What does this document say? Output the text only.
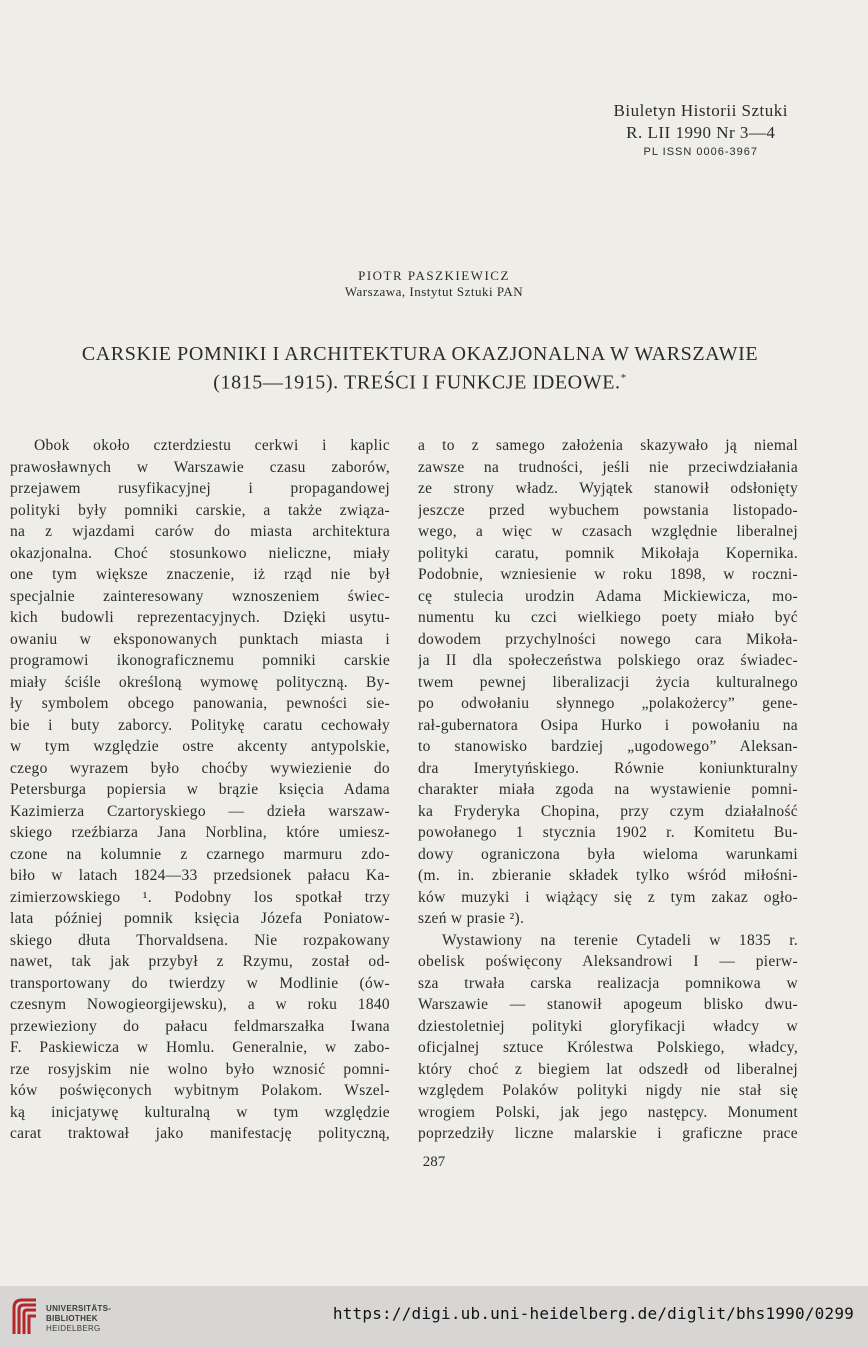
Biuletyn Historii Sztuki
R. LII 1990 Nr 3—4
PL ISSN 0006-3967
PIOTR PASZKIEWICZ
Warszawa, Instytut Sztuki PAN
CARSKIE POMNIKI I ARCHITEKTURA OKAZJONALNA W WARSZAWIE
(1815—1915). TREŚCI I FUNKCJE IDEOWE.*
Obok około czterdziestu cerkwi i kaplic
prawosławnych w Warszawie czasu zaborów,
przejawem rusyfikacyjnej i propagandowej
polityki były pomniki carskie, a także związa-
na z wjazdami carów do miasta architektura
okazjonalna. Choć stosunkowo nieliczne, miały
one tym większe znaczenie, iż rząd nie był
specjalnie zainteresowany wznoszeniem świec-
kich budowli reprezentacyjnych. Dzięki usytu-
owaniu w eksponowanych punktach miasta i
programowi ikonograficznemu pomniki carskie
miały ściśle określoną wymowę polityczną. By-
ły symbolem obcego panowania, pewności sie-
bie i buty zaborcy. Politykę caratu cechowały
w tym względzie ostre akcenty antypolskie,
czego wyrazem było choćby wywiezienie do
Petersburga popiersia w brązie księcia Adama
Kazimierza Czartoryskiego — dzieła warszaw-
skiego rzeźbiarza Jana Norblina, które umiesz-
czone na kolumnie z czarnego marmuru zdo-
biło w latach 1824—33 przedsionek pałacu Ka-
zimierzowskiego ¹. Podobny los spotkał trzy
lata później pomnik księcia Józefa Poniatow-
skiego dłuta Thorvaldsena. Nie rozpakowany
nawet, tak jak przybył z Rzymu, został od-
transportowany do twierdzy w Modlinie (ów-
czesnym Nowogieorgijewsku), a w roku 1840
przewieziony do pałacu feldmarszałka Iwana
F. Paskiewicza w Homlu. Generalnie, w zabo-
rze rosyjskim nie wolno było wznosić pomni-
ków poświęconych wybitnym Polakom. Wszel-
ką inicjatywę kulturalną w tym względzie
carat traktował jako manifestację polityczną,
a to z samego założenia skazywało ją niemal
zawsze na trudności, jeśli nie przeciwdziałania
ze strony władz. Wyjątek stanowił odsłonięty
jeszcze przed wybuchem powstania listopado-
wego, a więc w czasach względnie liberalnej
polityki caratu, pomnik Mikołaja Kopernika.
Podobnie, wzniesienie w roku 1898, w roczni-
cę stulecia urodzin Adama Mickiewicza, mo-
numentu ku czci wielkiego poety miało być
dowodem przychylności nowego cara Mikoła-
ja II dla społeczeństwa polskiego oraz świadec-
twem pewnej liberalizacji życia kulturalnego
po odwołaniu słynnego „polakożercy” gene-
rał-gubernatora Osipa Hurko i powołaniu na
to stanowisko bardziej „ugodowego” Aleksan-
dra Imerytyńskiego. Równie koniunkturalny
charakter miała zgoda na wystawienie pomni-
ka Fryderyka Chopina, przy czym działalność
powołanego 1 stycznia 1902 r. Komitetu Bu-
dowy ograniczona była wieloma warunkami
(m. in. zbieranie składek tylko wśród miłośni-
ków muzyki i wiążący się z tym zakaz ogło-
szeń w prasie ²).
Wystawiony na terenie Cytadeli w 1835 r.
obelisk poświęcony Aleksandrowi I — pierw-
sza trwała carska realizacja pomnikowa w
Warszawie — stanowił apogeum blisko dwu-
dziestoletniej polityki gloryfikacji władcy w
oficjalnej sztuce Królestwa Polskiego, władcy,
który choć z biegiem lat odszedł od liberalnej
względem Polaków polityki nigdy nie stał się
wrogiem Polski, jak jego następcy. Monument
poprzedziły liczne malarskie i graficzne prace
287
UNIVERSITÄTS-
BIBLIOTHEK
HEIDELBERG
https://digi.ub.uni-heidelberg.de/diglit/bhs1990/0299
